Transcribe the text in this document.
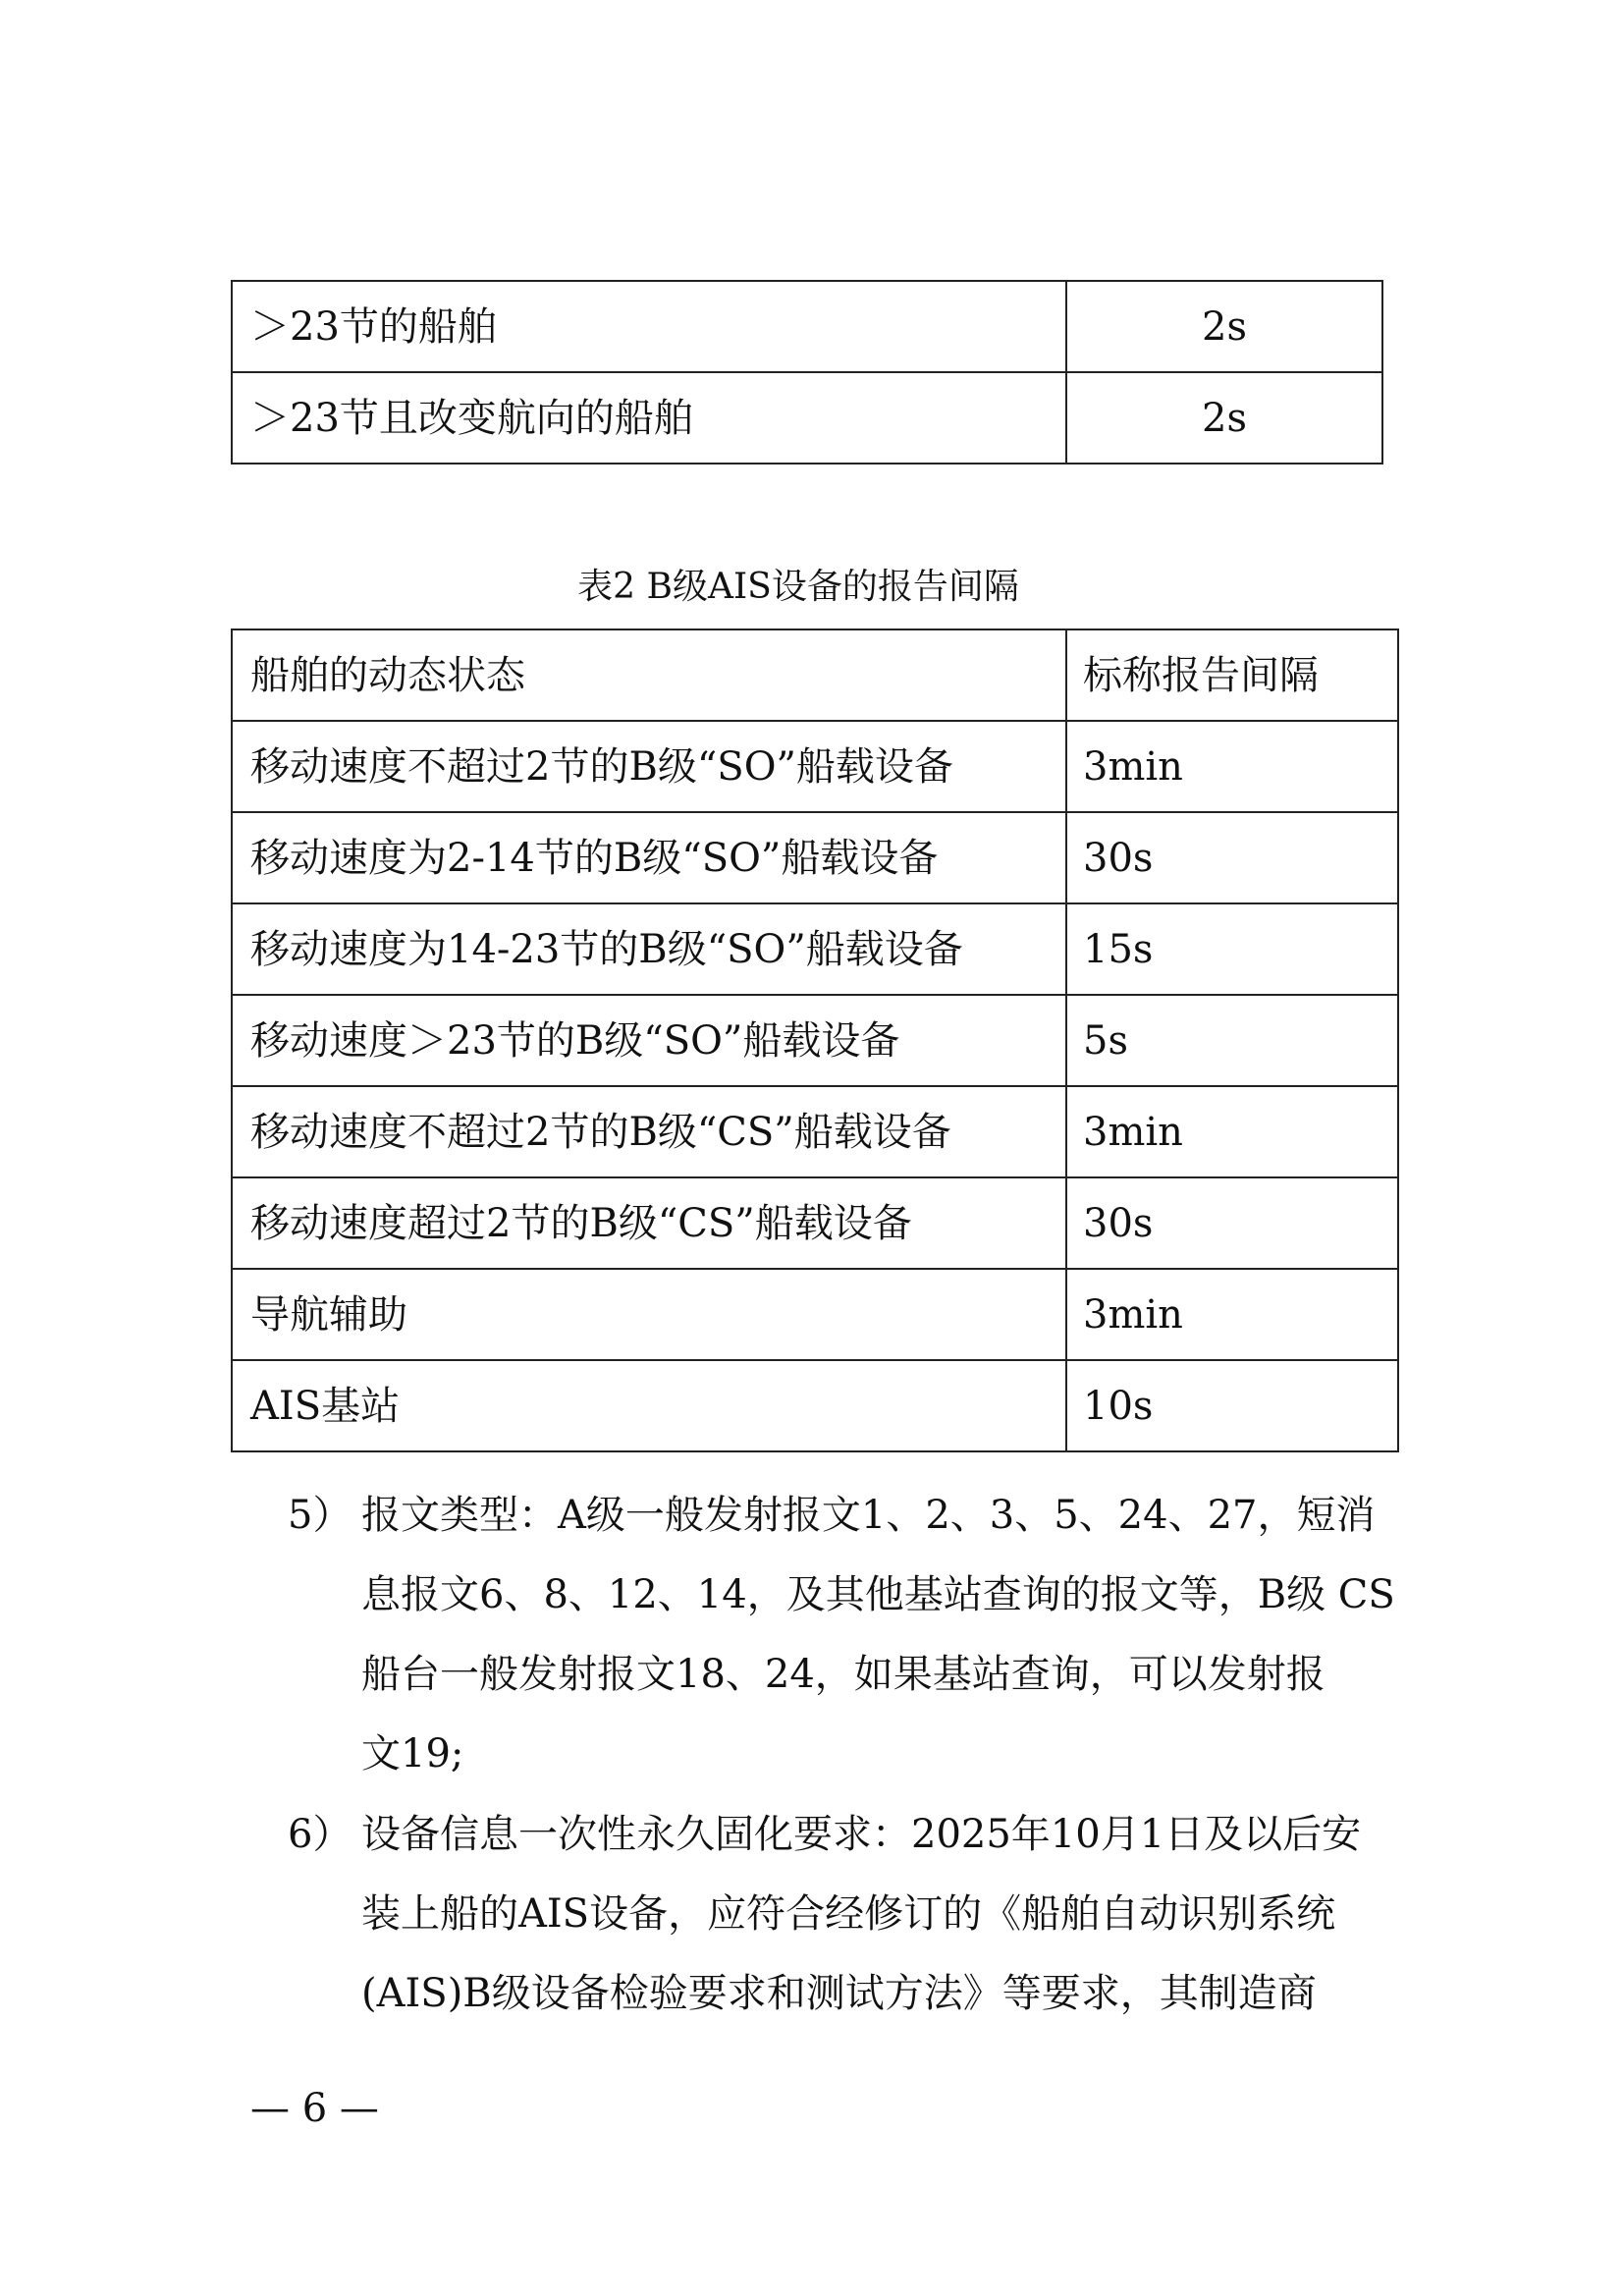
＞23节的船舶	2s
＞23节且改变航向的船舶	2s
表2 B级AIS设备的报告间隔
船舶的动态状态	标称报告间隔
移动速度不超过2节的B级“SO”船载设备	3min
移动速度为2-14节的B级“SO”船载设备	30s
移动速度为14-23节的B级“SO”船载设备	15s
移动速度＞23节的B级“SO”船载设备	5s
移动速度不超过2节的B级“CS”船载设备	3min
移动速度超过2节的B级“CS”船载设备	30s
导航辅助	3min
AIS基站	10s
5） 报文类型：A级一般发射报文1、2、3、5、24、27，短消
息报文6、8、12、14，及其他基站查询的报文等，B级 CS
船台一般发射报文18、24，如果基站查询，可以发射报
文19;
6） 设备信息一次性永久固化要求：2025年10月1日及以后安
装上船的AIS设备，应符合经修订的《船舶自动识别系统
(AIS)B级设备检验要求和测试方法》等要求，其制造商
— 6 —
